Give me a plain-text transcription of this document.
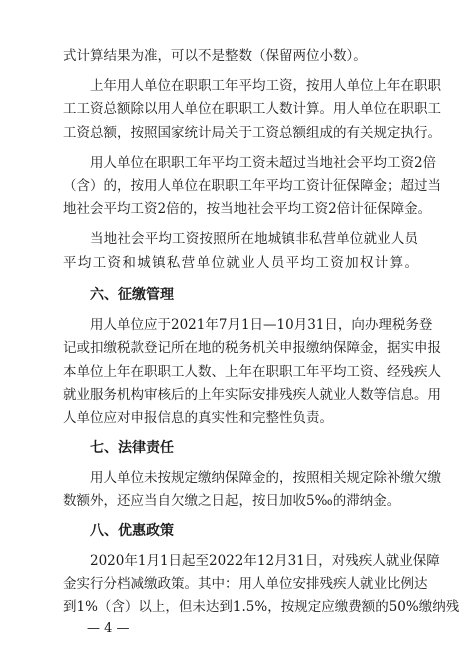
式计算结果为准，可以不是整数（保留两位小数）。
上年用人单位在职职工年平均工资，按用人单位上年在职职
工工资总额除以用人单位在职职工人数计算。用人单位在职职工
工资总额，按照国家统计局关于工资总额组成的有关规定执行。
用人单位在职职工年平均工资未超过当地社会平均工资2倍
（含）的，按用人单位在职职工年平均工资计征保障金；超过当
地社会平均工资2倍的，按当地社会平均工资2倍计征保障金。
当地社会平均工资按照所在地城镇非私营单位就业人员
平均工资和城镇私营单位就业人员平均工资加权计算。
六、征缴管理
用人单位应于2021年7月1日—10月31日，向办理税务登
记或扣缴税款登记所在地的税务机关申报缴纳保障金，据实申报
本单位上年在职职工人数、上年在职职工年平均工资、经残疾人
就业服务机构审核后的上年实际安排残疾人就业人数等信息。用
人单位应对申报信息的真实性和完整性负责。
七、法律责任
用人单位未按规定缴纳保障金的，按照相关规定除补缴欠缴
数额外，还应当自欠缴之日起，按日加收5‰的滞纳金。
八、优惠政策
2020年1月1日起至2022年12月31日，对残疾人就业保障
金实行分档减缴政策。其中：用人单位安排残疾人就业比例达
到1%（含）以上，但未达到1.5%，按规定应缴费额的50%缴纳残
— 4 —
